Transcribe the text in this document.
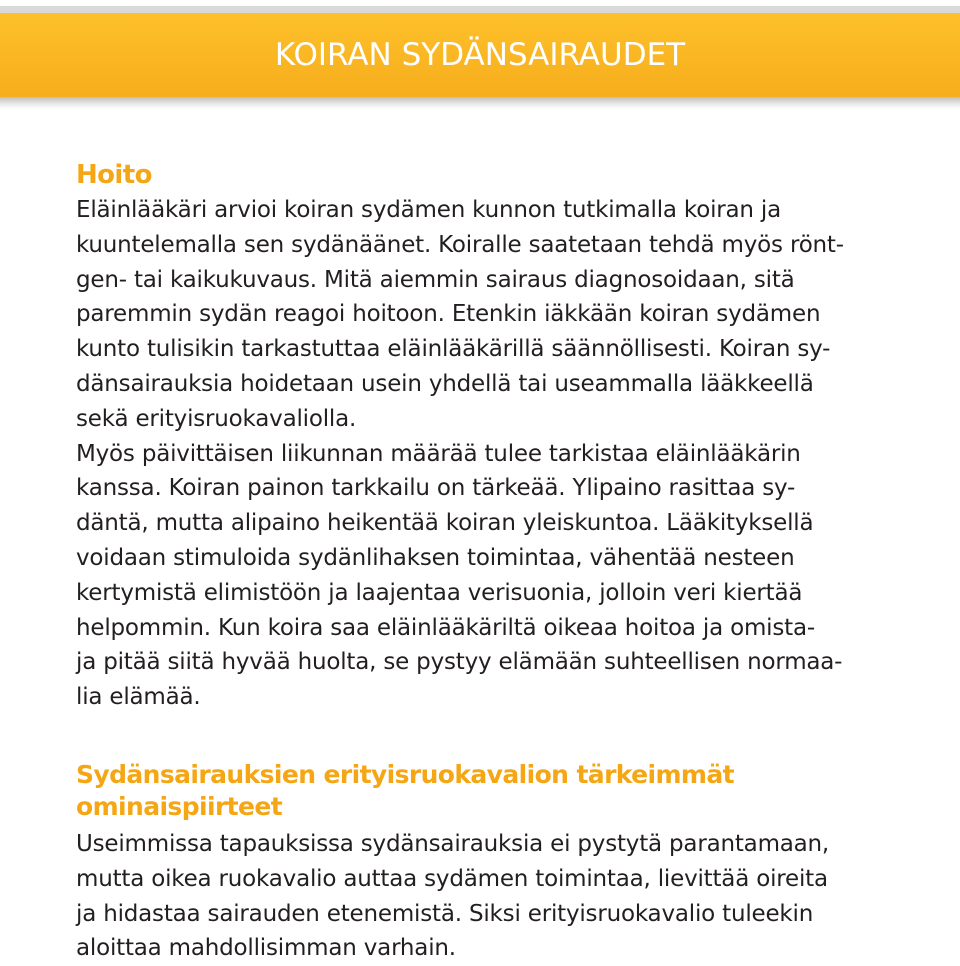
KOIRAN SYDÄNSAIRAUDET
Hoito
Eläinlääkäri arvioi koiran sydämen kunnon tutkimalla koiran ja
kuuntelemalla sen sydänäänet. Koiralle saatetaan tehdä myös rönt-
gen- tai kaikukuvaus. Mitä aiemmin sairaus diagnosoidaan, sitä
paremmin sydän reagoi hoitoon. Etenkin iäkkään koiran sydämen
kunto tulisikin tarkastuttaa eläinlääkärillä säännöllisesti. Koiran sy-
dänsairauksia hoidetaan usein yhdellä tai useammalla lääkkeellä
sekä erityisruokavaliolla.
Myös päivittäisen liikunnan määrää tulee tarkistaa eläinlääkärin
kanssa. Koiran painon tarkkailu on tärkeää. Ylipaino rasittaa sy-
däntä, mutta alipaino heikentää koiran yleiskuntoa. Lääkityksellä
voidaan stimuloida sydänlihaksen toimintaa, vähentää nesteen
kertymistä elimistöön ja laajentaa verisuonia, jolloin veri kiertää
helpommin. Kun koira saa eläinlääkäriltä oikeaa hoitoa ja omista-
ja pitää siitä hyvää huolta, se pystyy elämään suhteellisen normaa-
lia elämää.
Sydänsairauksien erityisruokavalion tärkeimmät
ominaispiirteet
Useimmissa tapauksissa sydänsairauksia ei pystytä parantamaan,
mutta oikea ruokavalio auttaa sydämen toimintaa, lievittää oireita
ja hidastaa sairauden etenemistä. Siksi erityisruokavalio tuleekin
aloittaa mahdollisimman varhain.
